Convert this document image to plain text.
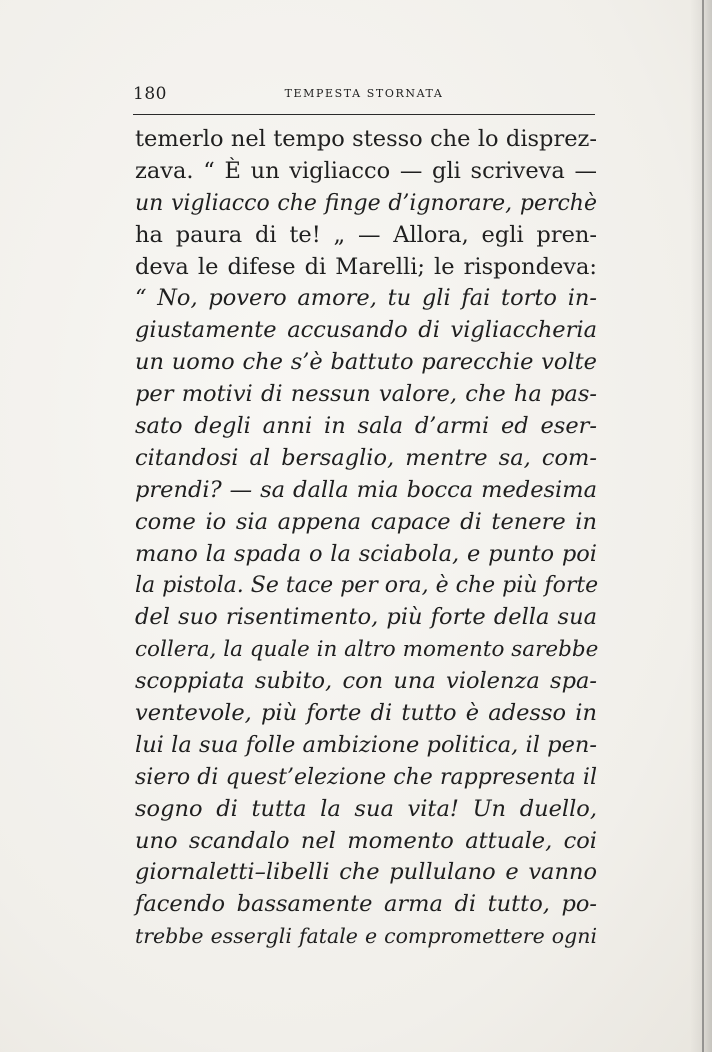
180	TEMPESTA STORNATA
temerlo nel tempo stesso che lo disprez-
zava. “ È un vigliacco — gli scriveva —
un vigliacco che finge d’ignorare, perchè
ha paura di te! „ — Allora, egli pren-
deva le difese di Marelli; le rispondeva:
“ No, povero amore, tu gli fai torto in-
giustamente accusando di vigliaccheria
un uomo che s’è battuto parecchie volte
per motivi di nessun valore, che ha pas-
sato degli anni in sala d’armi ed eser-
citandosi al bersaglio, mentre sa, com-
prendi? — sa dalla mia bocca medesima
come io sia appena capace di tenere in
mano la spada o la sciabola, e punto poi
la pistola. Se tace per ora, è che più forte
del suo risentimento, più forte della sua
collera, la quale in altro momento sarebbe
scoppiata subito, con una violenza spa-
ventevole, più forte di tutto è adesso in
lui la sua folle ambizione politica, il pen-
siero di quest’elezione che rappresenta il
sogno di tutta la sua vita! Un duello,
uno scandalo nel momento attuale, coi
giornaletti–libelli che pullulano e vanno
facendo bassamente arma di tutto, po-
trebbe essergli fatale e compromettere ogni
